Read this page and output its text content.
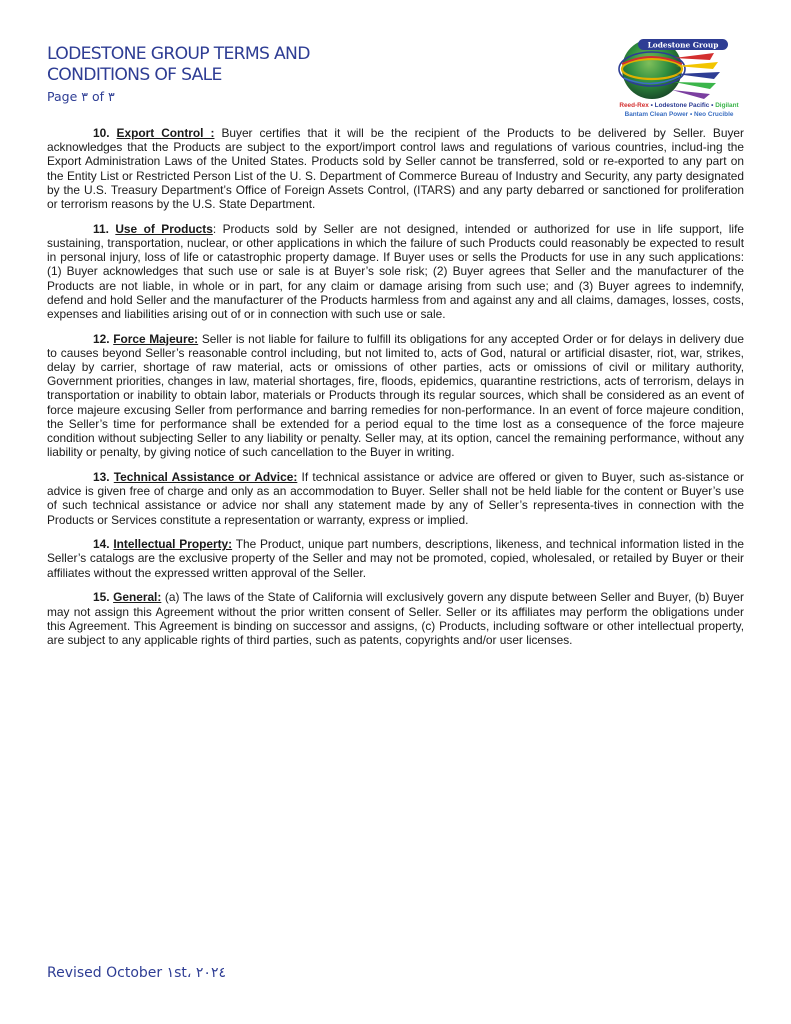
LODESTONE GROUP TERMS AND
CONDITIONS OF SALE
Page ٣ of ٣
Lodestone Group
Reed-Rex • Lodestone Pacific • Digilant
Bantam Clean Power • Neo Crucible

10. Export Control : Buyer certifies that it will be the recipient of the Products to be delivered by Seller. Buyer acknowledges that the Products are subject to the export/import control laws and regulations of various countries, includ-ing the Export Administration Laws of the United States. Products sold by Seller cannot be transferred, sold or re-exported to any part on the Entity List or Restricted Person List of the U. S. Department of Commerce Bureau of Industry and Security, any party designated by the U.S. Treasury Department’s Office of Foreign Assets Control, (ITARS) and any party debarred or sanctioned for proliferation or terrorism reasons by the U.S. State Department.

11. Use of Products: Products sold by Seller are not designed, intended or authorized for use in life support, life sustaining, transportation, nuclear, or other applications in which the failure of such Products could reasonably be expected to result in personal injury, loss of life or catastrophic property damage. If Buyer uses or sells the Products for use in any such applications: (1) Buyer acknowledges that such use or sale is at Buyer’s sole risk; (2) Buyer agrees that Seller and the manufacturer of the Products are not liable, in whole or in part, for any claim or damage arising from such use; and (3) Buyer agrees to indemnify, defend and hold Seller and the manufacturer of the Products harmless from and against any and all claims, damages, losses, costs, expenses and liabilities arising out of or in connection with such use or sale.

12. Force Majeure: Seller is not liable for failure to fulfill its obligations for any accepted Order or for delays in delivery due to causes beyond Seller’s reasonable control including, but not limited to, acts of God, natural or artificial disaster, riot, war, strikes, delay by carrier, shortage of raw material, acts or omissions of other parties, acts or omissions of civil or military authority, Government priorities, changes in law, material shortages, fire, floods, epidemics, quarantine restrictions, acts of terrorism, delays in transportation or inability to obtain labor, materials or Products through its regular sources, which shall be considered as an event of force majeure excusing Seller from performance and barring remedies for non-performance. In an event of force majeure condition, the Seller’s time for performance shall be extended for a period equal to the time lost as a consequence of the force majeure condition without subjecting Seller to any liability or penalty. Seller may, at its option, cancel the remaining performance, without any liability or penalty, by giving notice of such cancellation to the Buyer in writing.

13. Technical Assistance or Advice: If technical assistance or advice are offered or given to Buyer, such as-sistance or advice is given free of charge and only as an accommodation to Buyer. Seller shall not be held liable for the content or Buyer’s use of such technical assistance or advice nor shall any statement made by any of Seller’s representa-tives in connection with the Products or Services constitute a representation or warranty, express or implied.

14. Intellectual Property: The Product, unique part numbers, descriptions, likeness, and technical information listed in the Seller’s catalogs are the exclusive property of the Seller and may not be promoted, copied, wholesaled, or retailed by Buyer or their affiliates without the expressed written approval of the Seller.

15. General: (a) The laws of the State of California will exclusively govern any dispute between Seller and Buyer, (b) Buyer may not assign this Agreement without the prior written consent of Seller. Seller or its affiliates may perform the obligations under this Agreement. This Agreement is binding on successor and assigns, (c) Products, including software or other intellectual property, are subject to any applicable rights of third parties, such as patents, copyrights and/or user licenses.

Revised October ١st، ٢٠٢٤
